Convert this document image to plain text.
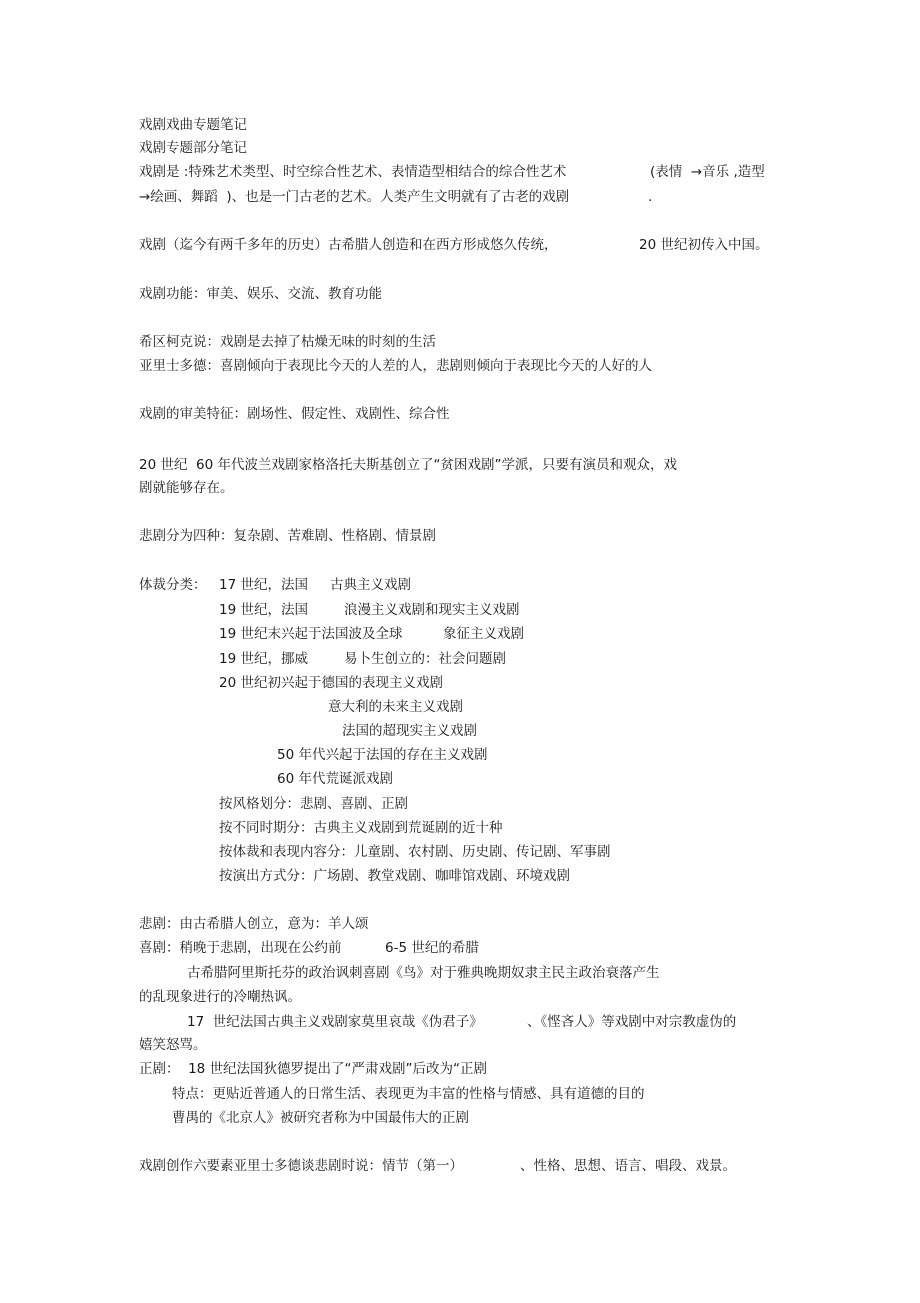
戏剧戏曲专题笔记
戏剧专题部分笔记
戏剧是 :特殊艺术类型、时空综合性艺术、表情造型相结合的综合性艺术	(表情  →音乐 ,造型
→绘画、舞蹈  )、也是一门古老的艺术。人类产生文明就有了古老的戏剧	.
戏剧（迄今有两千多年的历史）古希腊人创造和在西方形成悠久传统，	20 世纪初传入中国。
戏剧功能：审美、娱乐、交流、教育功能
希区柯克说：戏剧是去掉了枯燥无味的时刻的生活
亚里士多德：喜剧倾向于表现比今天的人差的人，悲剧则倾向于表现比今天的人好的人
戏剧的审美特征：剧场性、假定性、戏剧性、综合性
20 世纪  60 年代波兰戏剧家格洛托夫斯基创立了“贫困戏剧”学派，只要有演员和观众，戏
剧就能够存在。
悲剧分为四种：复杂剧、苦难剧、性格剧、情景剧
体裁分类： 17 世纪，法国 古典主义戏剧
19 世纪，法国	浪漫主义戏剧和现实主义戏剧
19 世纪末兴起于法国波及全球	象征主义戏剧
19 世纪，挪威	易卜生创立的：社会问题剧
20 世纪初兴起于德国的表现主义戏剧
意大利的未来主义戏剧
法国的超现实主义戏剧
50 年代兴起于法国的存在主义戏剧
60 年代荒诞派戏剧
按风格划分：悲剧、喜剧、正剧
按不同时期分：古典主义戏剧到荒诞剧的近十种
按体裁和表现内容分：儿童剧、农村剧、历史剧、传记剧、军事剧
按演出方式分：广场剧、教堂戏剧、咖啡馆戏剧、环境戏剧
悲剧：由古希腊人创立，意为：羊人颂
喜剧：稍晚于悲剧，出现在公约前	6-5 世纪的希腊
古希腊阿里斯托芬的政治讽刺喜剧《鸟》对于雅典晚期奴隶主民主政治衰落产生
的乱现象进行的冷嘲热讽。
17  世纪法国古典主义戏剧家莫里哀哉《伪君子》	、《悭吝人》等戏剧中对宗教虚伪的
嬉笑怒骂。
正剧：  18 世纪法国狄德罗提出了“严肃戏剧”后改为“正剧
特点：更贴近普通人的日常生活、表现更为丰富的性格与情感、具有道德的目的
曹禺的《北京人》被研究者称为中国最伟大的正剧
戏剧创作六要素亚里士多德谈悲剧时说：情节（第一）	、性格、思想、语言、唱段、戏景。
